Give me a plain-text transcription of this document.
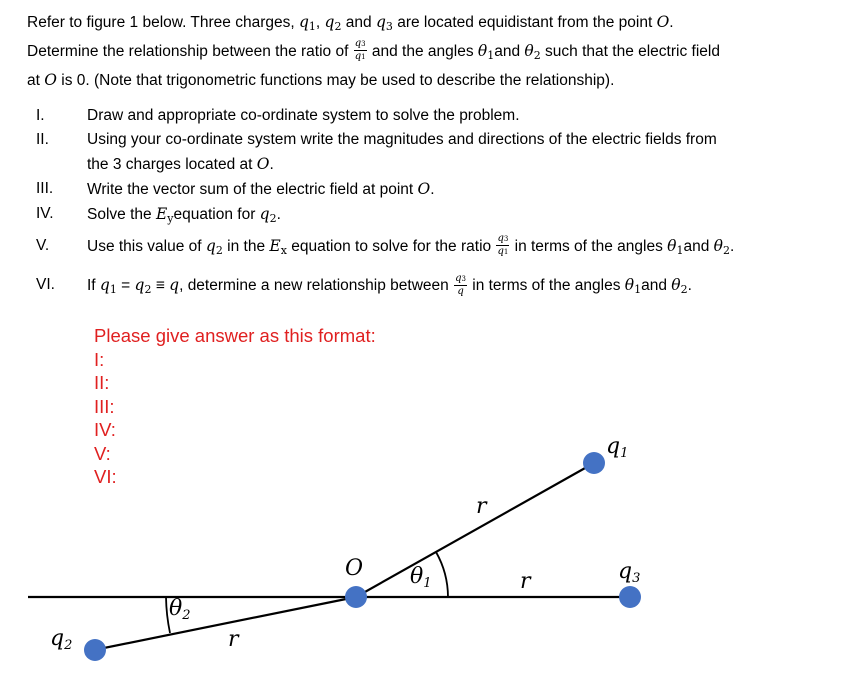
Refer to figure 1 below. Three charges, $q_1$, $q_2$ and $q_3$ are located equidistant from the point O.
Determine the relationship between the ratio of $\frac{q3}{q1}$ and the angles $\theta_1and$ $\theta_2$ such that the electric field
at O is 0. (Note that trigonometric functions may be used to describe the relationship).
I.	Draw and appropriate co-ordinate system to solve the problem.
II.	Using your co-ordinate system write the magnitudes and directions of the electric fields from
the 3 charges located at O.
III.	Write the vector sum of the electric field at point O.
IV.	Solve the $E_yequation$ for $q_2$.
V.	Use this value of $q_2$ in the $E_x$ equation to solve for the ratio $\frac{q3}{q1}$ in terms of the angles $\theta_1and$ $\theta_2$.
VI.	If $q_1 = q_2 \equiv q$, determine a new relationship between $\frac{q3}{q}$ in terms of the angles $\theta_1and$ $\theta_2$.
Please give answer as this format:
I:
II:
III:
IV:
V:
VI:
O
q1
q3
q2
r
r
r
θ1
θ2
